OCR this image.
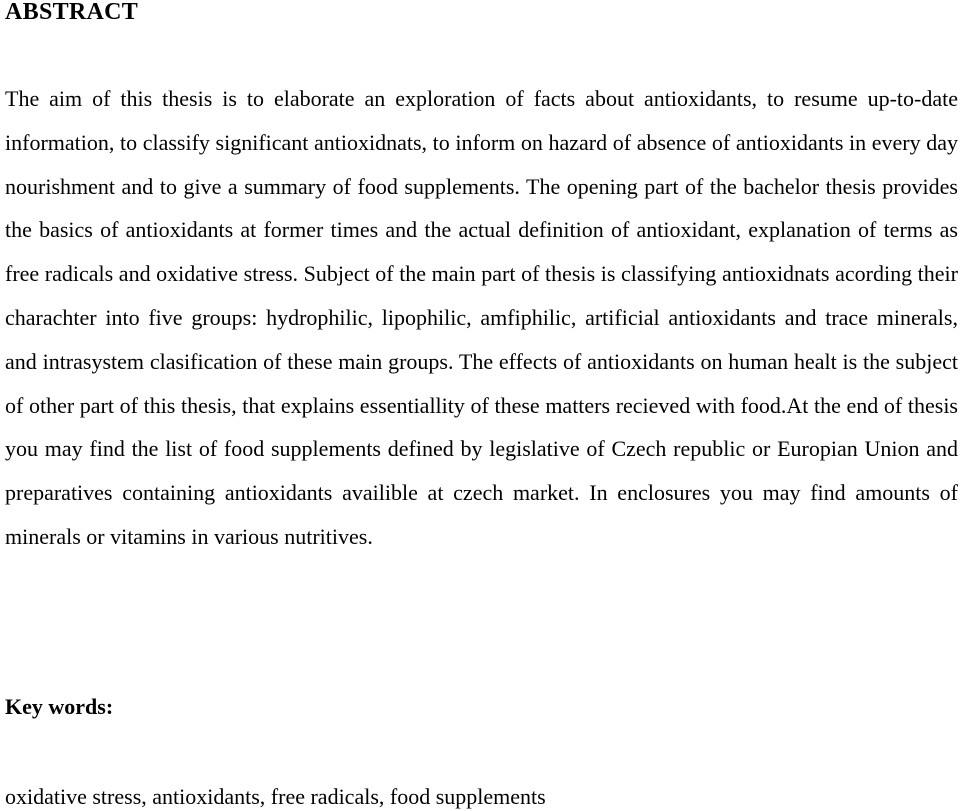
ABSTRACT

The aim of this thesis is to elaborate an exploration of facts about antioxidants, to resume up-to-date information, to classify significant antioxidnats, to inform on hazard of absence of antioxidants in every day nourishment and to give a summary of food supplements. The opening part of the bachelor thesis provides the basics of antioxidants at former times and the actual definition of antioxidant, explanation of terms as free radicals and oxidative stress. Subject of the main part of thesis is classifying antioxidnats acording their charachter into five groups: hydrophilic, lipophilic, amfiphilic, artificial antioxidants and trace minerals, and intrasystem clasification of these main groups. The effects of antioxidants on human healt is the subject of other part of this thesis, that explains essentiallity of these matters recieved with food.At the end of thesis you may find the list of food supplements defined by legislative of Czech republic or Europian Union and preparatives containing antioxidants availible at czech market. In enclosures you may find amounts of minerals or vitamins in various nutritives.

Key words:

oxidative stress, antioxidants, free radicals, food supplements
